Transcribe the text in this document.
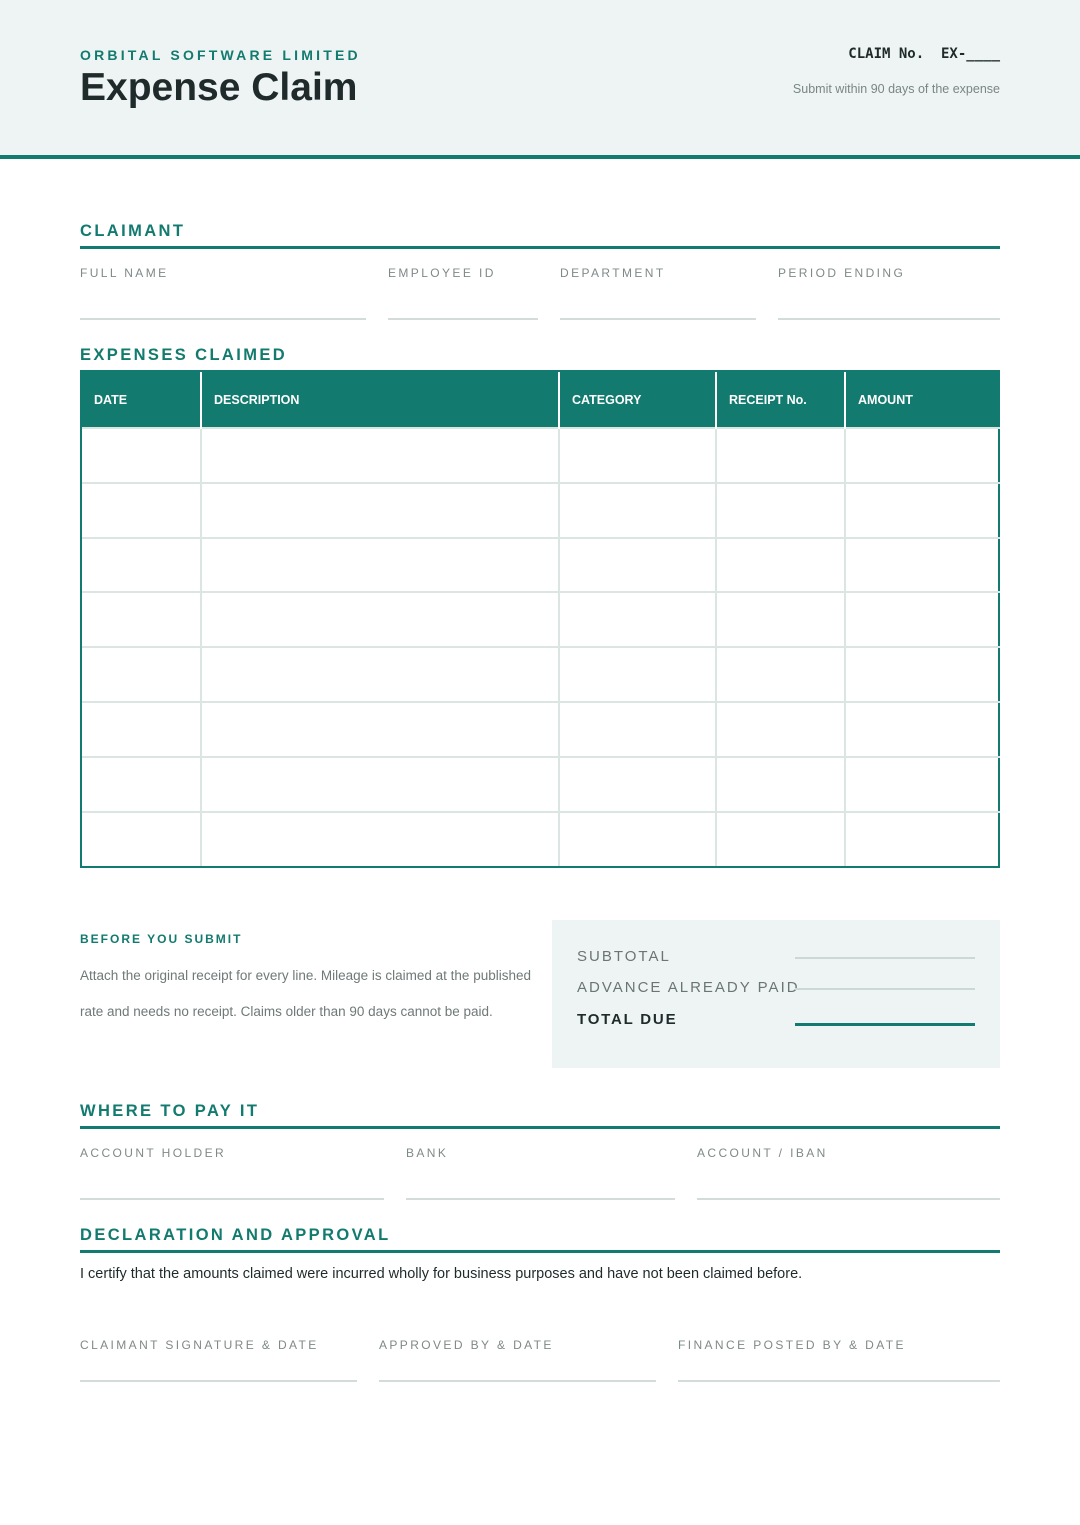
ORBITAL SOFTWARE LIMITED
Expense Claim
CLAIM No.  EX-____
Submit within 90 days of the expense
CLAIMANT
FULL NAME	EMPLOYEE ID	DEPARTMENT	PERIOD ENDING
EXPENSES CLAIMED
DATE	DESCRIPTION	CATEGORY	RECEIPT No.	AMOUNT

BEFORE YOU SUBMIT
Attach the original receipt for every line. Mileage is claimed at the published rate and needs no receipt. Claims older than 90 days cannot be paid.
SUBTOTAL
ADVANCE ALREADY PAID
TOTAL DUE
WHERE TO PAY IT
ACCOUNT HOLDER	BANK	ACCOUNT / IBAN
DECLARATION AND APPROVAL
I certify that the amounts claimed were incurred wholly for business purposes and have not been claimed before.
CLAIMANT SIGNATURE & DATE	APPROVED BY & DATE	FINANCE POSTED BY & DATE
